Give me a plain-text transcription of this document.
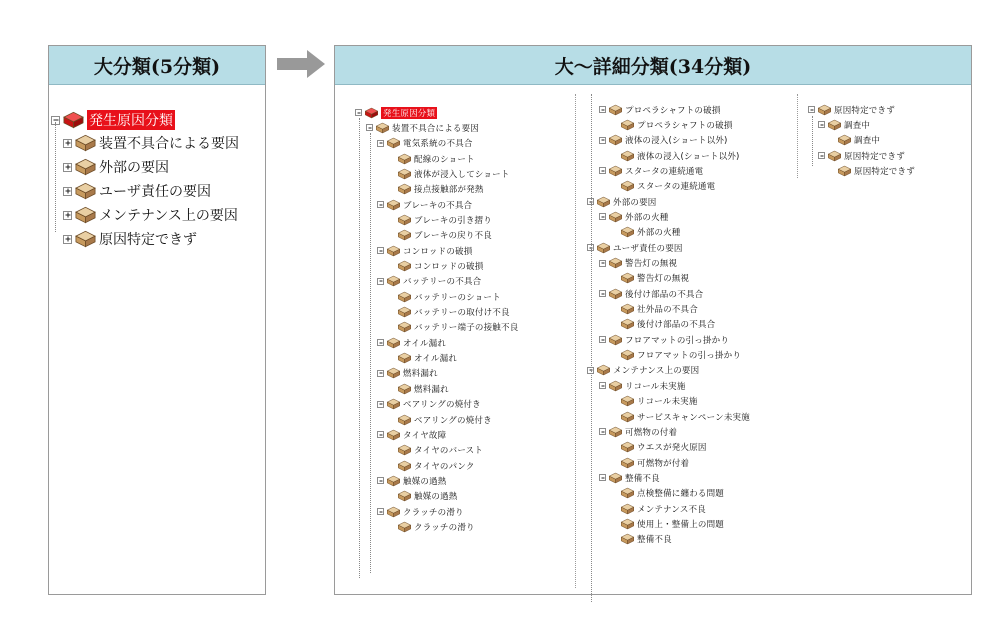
大分類(5分類)
発生原因分類
装置不具合による要因
外部の要因
ユーザ責任の要因
メンテナンス上の要因
原因特定できず
大〜詳細分類(34分類)
発生原因分類
装置不具合による要因
電気系統の不具合
配線のショート
液体が浸入してショート
接点接触部が発熱
ブレーキの不具合
ブレーキの引き摺り
ブレーキの戻り不良
コンロッドの破損
コンロッドの破損
バッテリーの不具合
バッテリーのショート
バッテリーの取付け不良
バッテリー端子の接触不良
オイル漏れ
オイル漏れ
燃料漏れ
燃料漏れ
ベアリングの焼付き
ベアリングの焼付き
タイヤ故障
タイヤのバースト
タイヤのパンク
触媒の過熱
触媒の過熱
クラッチの滑り
クラッチの滑り
プロペラシャフトの破損
プロペラシャフトの破損
液体の浸入(ショート以外)
液体の浸入(ショート以外)
スタータの連続通電
スタータの連続通電
外部の要因
外部の火種
外部の火種
ユーザ責任の要因
警告灯の無視
警告灯の無視
後付け部品の不具合
社外品の不具合
後付け部品の不具合
フロアマットの引っ掛かり
フロアマットの引っ掛かり
メンテナンス上の要因
リコール未実施
リコール未実施
サービスキャンペーン未実施
可燃物の付着
ウエスが発火原因
可燃物が付着
整備不良
点検整備に纏わる問題
メンテナンス不良
使用上・整備上の問題
整備不良
原因特定できず
調査中
調査中
原因特定できず
原因特定できず
